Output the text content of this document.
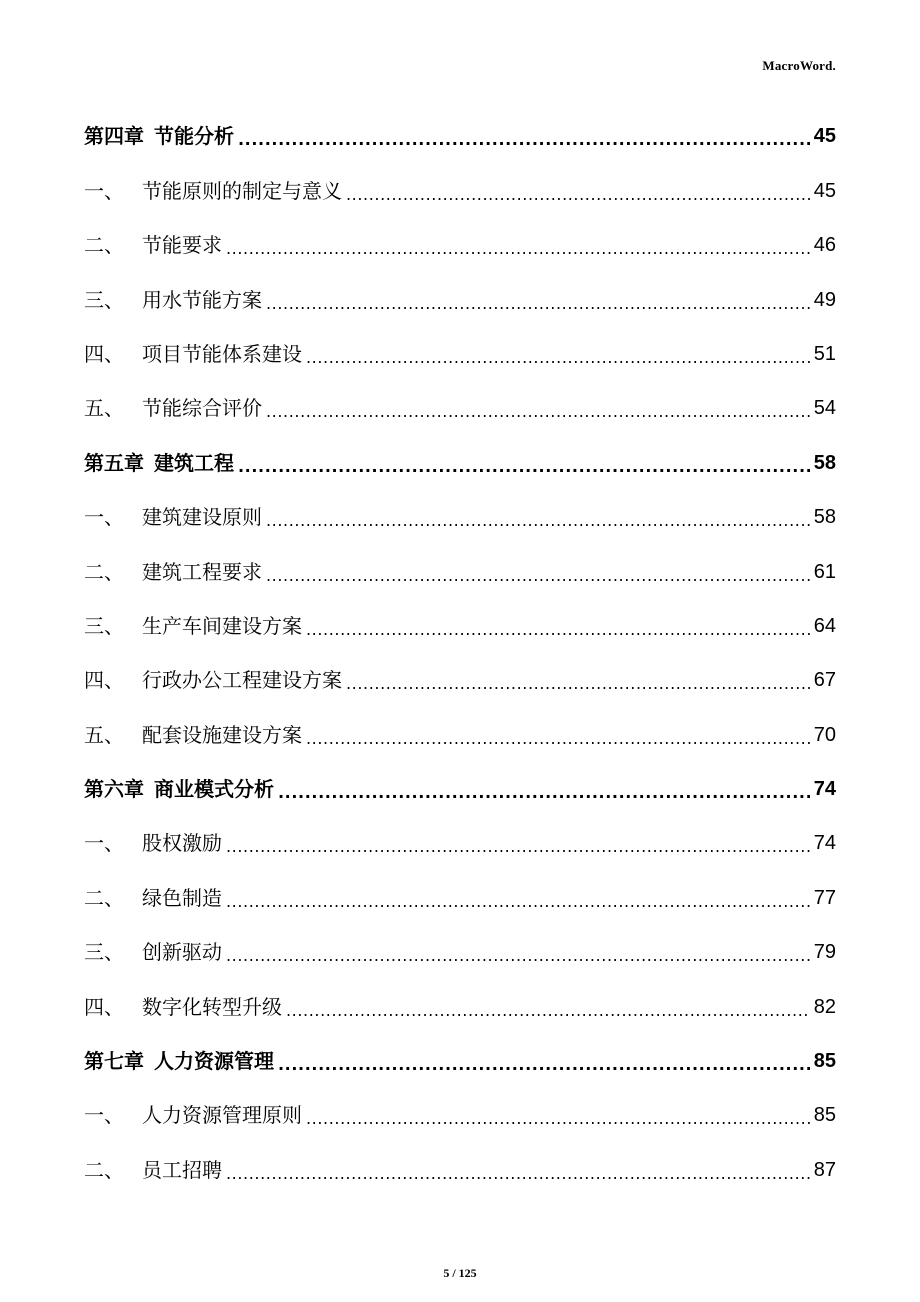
MacroWord.
第四章 节能分析 .....	45
一、 节能原则的制定与意义 .....	45
二、 节能要求 .....	46
三、 用水节能方案 .....	49
四、 项目节能体系建设 .....	51
五、 节能综合评价 .....	54
第五章 建筑工程 .....	58
一、 建筑建设原则 .....	58
二、 建筑工程要求 .....	61
三、 生产车间建设方案 .....	64
四、 行政办公工程建设方案 .....	67
五、 配套设施建设方案 .....	70
第六章 商业模式分析 .....	74
一、 股权激励 .....	74
二、 绿色制造 .....	77
三、 创新驱动 .....	79
四、 数字化转型升级 .....	82
第七章 人力资源管理 .....	85
一、 人力资源管理原则 .....	85
二、 员工招聘 .....	87
5 / 125
